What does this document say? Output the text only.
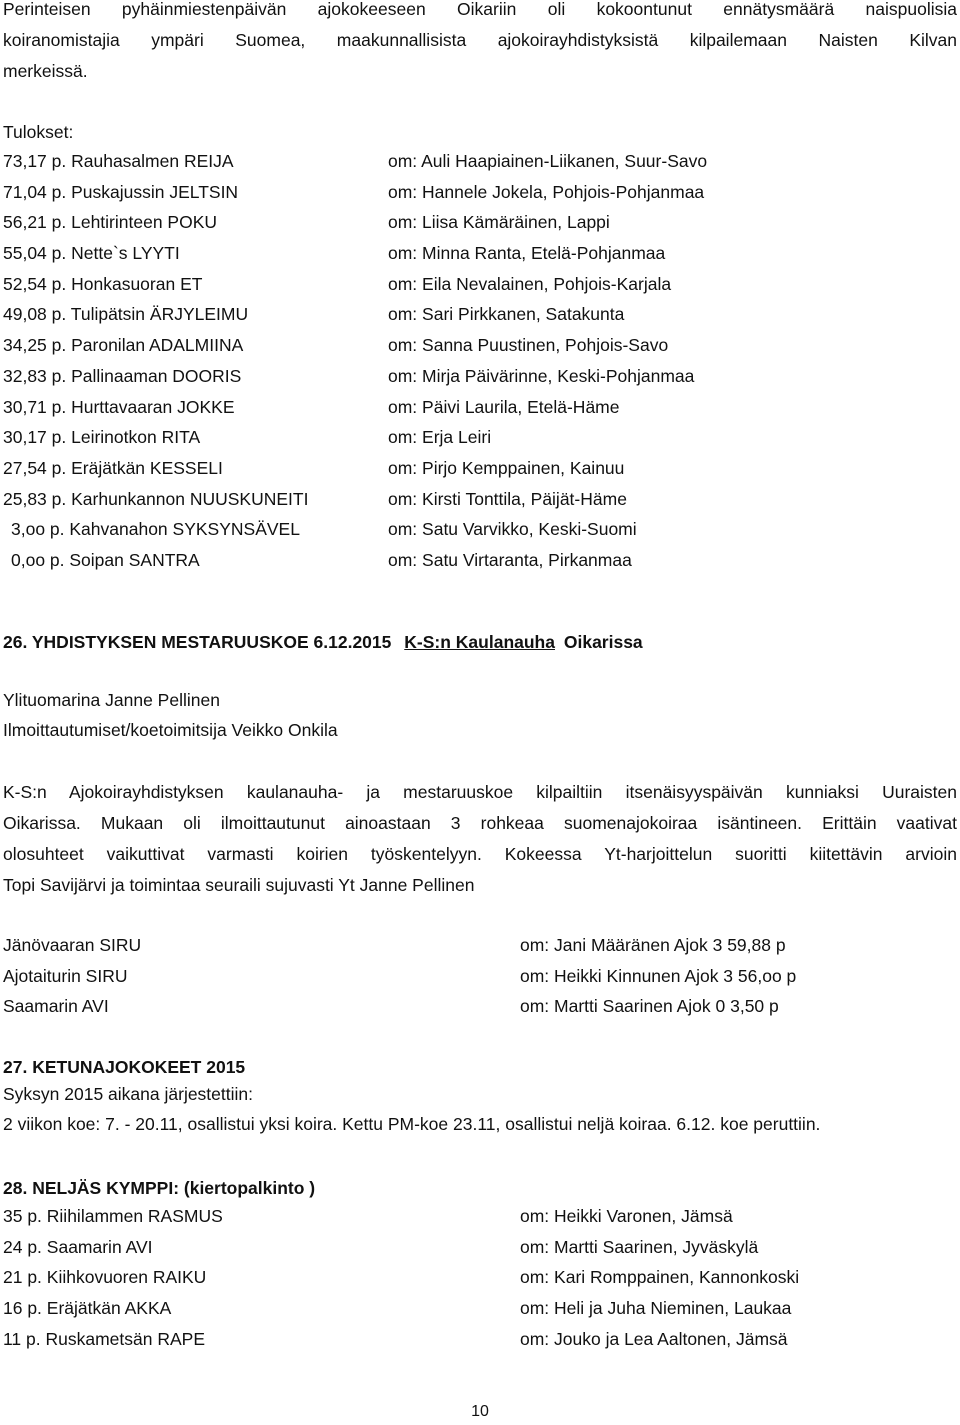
Perinteisen pyhäinmiestenpäivän ajokokeeseen Oikariin oli kokoontunut ennätysmäärä naispuolisia

koiranomistajia ympäri Suomea, maakunnallisista ajokoirayhdistyksistä kilpailemaan Naisten Kilvan

merkeissä.

Tulokset:
73,17 p. Rauhasalmen REIJA	om: Auli Haapiainen-Liikanen, Suur-Savo
71,04 p. Puskajussin JELTSIN	om: Hannele Jokela, Pohjois-Pohjanmaa
56,21 p. Lehtirinteen POKU	om: Liisa Kämäräinen, Lappi
55,04 p. Nette`s LYYTI	om: Minna Ranta, Etelä-Pohjanmaa
52,54 p. Honkasuoran ET	om: Eila Nevalainen, Pohjois-Karjala
49,08 p. Tulipätsin ÄRJYLEIMU	om: Sari Pirkkanen, Satakunta
34,25 p. Paronilan ADALMIINA	om: Sanna Puustinen, Pohjois-Savo
32,83 p. Pallinaaman DOORIS	om: Mirja Päivärinne, Keski-Pohjanmaa
30,71 p. Hurttavaaran JOKKE	om: Päivi Laurila, Etelä-Häme
30,17 p. Leirinotkon RITA	om: Erja Leiri
27,54 p. Eräjätkän KESSELI	om: Pirjo Kemppainen, Kainuu
25,83 p. Karhunkannon NUUSKUNEITI	om: Kirsti Tonttila, Päijät-Häme
3,oo p. Kahvanahon SYKSYNSÄVEL	om: Satu Varvikko, Keski-Suomi
0,oo p. Soipan SANTRA	om: Satu Virtaranta, Pirkanmaa
26. YHDISTYKSEN MESTARUUSKOE 6.12.2015 K-S:n Kaulanauha Oikarissa
Ylituomarina Janne Pellinen
Ilmoittautumiset/koetoimitsija Veikko Onkila

K-S:n Ajokoirayhdistyksen kaulanauha- ja mestaruuskoe kilpailtiin itsenäisyyspäivän kunniaksi Uuraisten

Oikarissa. Mukaan oli ilmoittautunut ainoastaan 3 rohkeaa suomenajokoiraa isäntineen. Erittäin vaativat

olosuhteet vaikuttivat varmasti koirien työskentelyyn. Kokeessa Yt-harjoittelun suoritti kiitettävin arvioin

Topi Savijärvi ja toimintaa seuraili sujuvasti Yt Janne Pellinen

Jänövaaran SIRU	om: Jani Määränen Ajok 3 59,88 p
Ajotaiturin SIRU	om: Heikki Kinnunen Ajok 3 56,oo p
Saamarin AVI	om: Martti Saarinen Ajok 0 3,50 p
27. KETUNAJOKOKEET 2015
Syksyn 2015 aikana järjestettiin:
2 viikon koe: 7. - 20.11, osallistui yksi koira. Kettu PM-koe 23.11, osallistui neljä koiraa. 6.12. koe peruttiin.
28. NELJÄS KYMPPI: (kiertopalkinto )
35 p. Riihilammen RASMUS	om: Heikki Varonen, Jämsä
24 p. Saamarin AVI	om: Martti Saarinen, Jyväskylä
21 p. Kiihkovuoren RAIKU	om: Kari Romppainen, Kannonkoski
16 p. Eräjätkän AKKA	om: Heli ja Juha Nieminen, Laukaa
11 p. Ruskametsän RAPE	om: Jouko ja Lea Aaltonen, Jämsä
10
